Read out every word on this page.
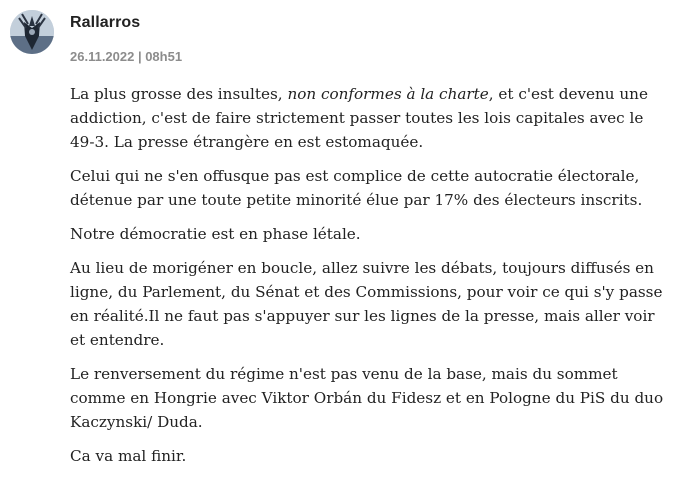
Rallarros
26.11.2022 | 08h51

La plus grosse des insultes, non conformes à la charte, et c'est devenu une addiction, c'est de faire strictement passer toutes les lois capitales avec le 49-3. La presse étrangère en est estomaquée.

Celui qui ne s'en offusque pas est complice de cette autocratie électorale, détenue par une toute petite minorité élue par 17% des électeurs inscrits.

Notre démocratie est en phase létale.

Au lieu de morigéner en boucle, allez suivre les débats, toujours diffusés en ligne, du Parlement, du Sénat et des Commissions, pour voir ce qui s'y passe en réalité.Il ne faut pas s'appuyer sur les lignes de la presse, mais aller voir et entendre.

Le renversement du régime n'est pas venu de la base, mais du sommet comme en Hongrie avec Viktor Orbán du Fidesz et en Pologne du PiS du duo Kaczynski/ Duda.

Ca va mal finir.
